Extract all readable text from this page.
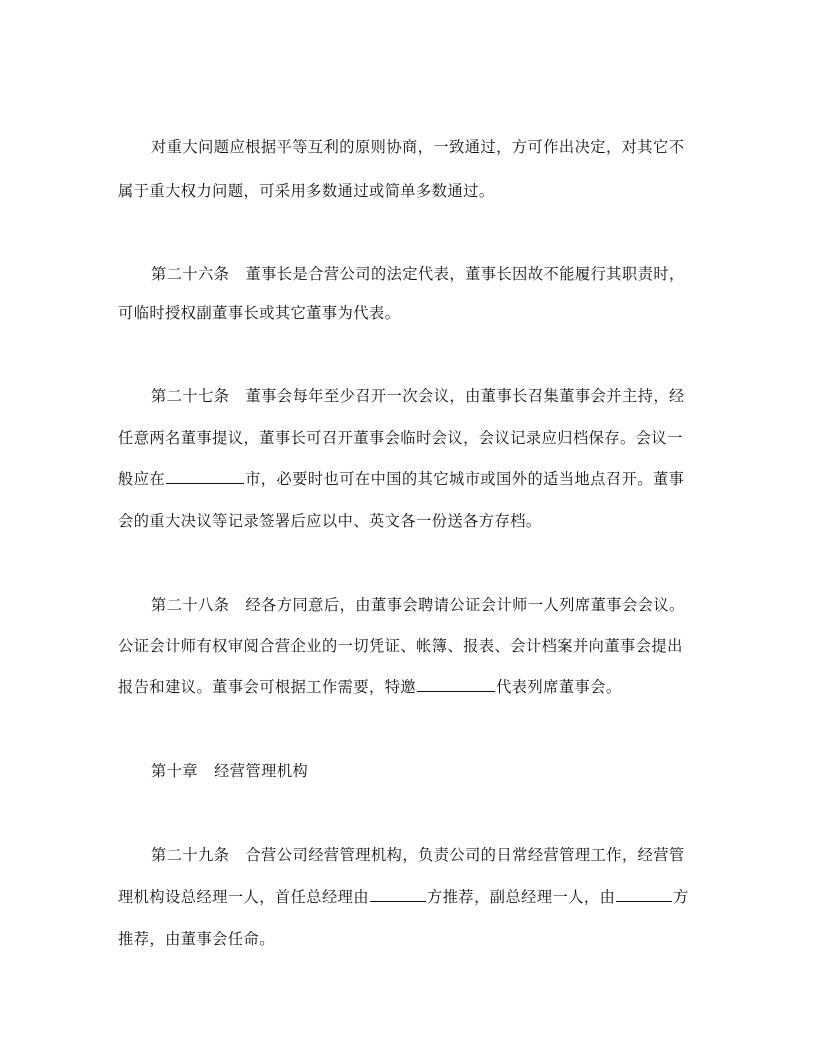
对重大问题应根据平等互利的原则协商，一致通过，方可作出决定，对其它不
属于重大权力问题，可采用多数通过或简单多数通过。
第二十六条 董事长是合营公司的法定代表，董事长因故不能履行其职责时，
可临时授权副董事长或其它董事为代表。
第二十七条 董事会每年至少召开一次会议，由董事长召集董事会并主持，经
任意两名董事提议，董事长可召开董事会临时会议，会议记录应归档保存。会议一
般应在	市，必要时也可在中国的其它城市或国外的适当地点召开。董事
会的重大决议等记录签署后应以中、英文各一份送各方存档。
第二十八条 经各方同意后，由董事会聘请公证会计师一人列席董事会会议。
公证会计师有权审阅合营企业的一切凭证、帐簿、报表、会计档案并向董事会提出
报告和建议。董事会可根据工作需要，特邀	代表列席董事会。
第十章 经营管理机构
第二十九条 合营公司经营管理机构，负责公司的日常经营管理工作，经营管
理机构设总经理一人，首任总经理由	方推荐，副总经理一人，由	方
推荐，由董事会任命。
